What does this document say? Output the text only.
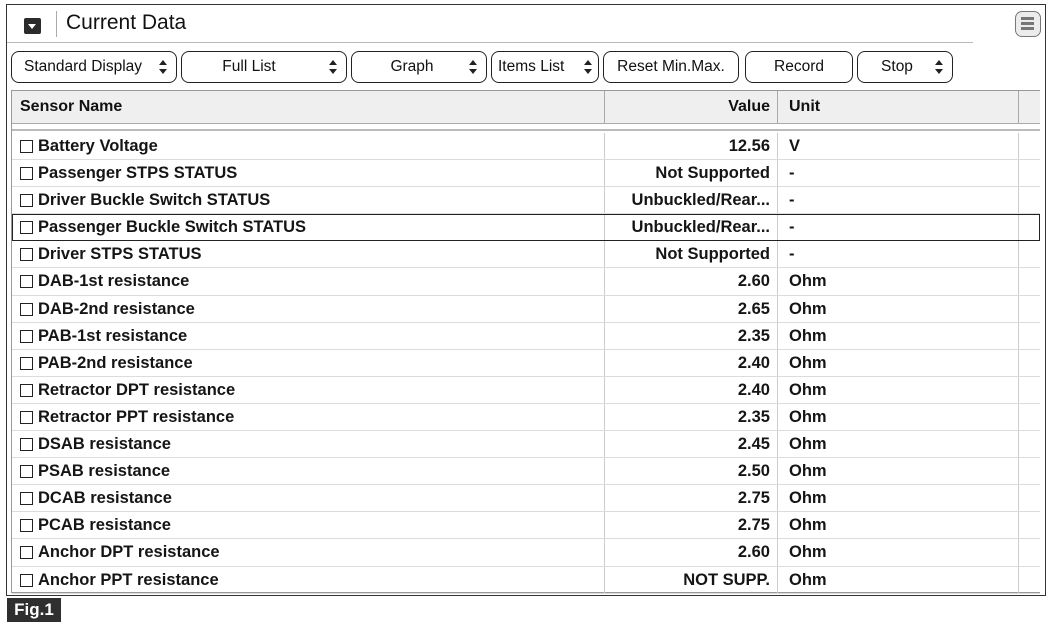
Current Data
Standard Display	Full List	Graph	Items List	Reset Min.Max.	Record	Stop
Sensor Name	Value Unit
Battery Voltage	12.56 V
Passenger STPS STATUS	Not Supported -
Driver Buckle Switch STATUS	Unbuckled/Rear... -
Passenger Buckle Switch STATUS	Unbuckled/Rear... -
Driver STPS STATUS	Not Supported -
DAB-1st resistance	2.60 Ohm
DAB-2nd resistance	2.65 Ohm
PAB-1st resistance	2.35 Ohm
PAB-2nd resistance	2.40 Ohm
Retractor DPT resistance	2.40 Ohm
Retractor PPT resistance	2.35 Ohm
DSAB resistance	2.45 Ohm
PSAB resistance	2.50 Ohm
DCAB resistance	2.75 Ohm
PCAB resistance	2.75 Ohm
Anchor DPT resistance	2.60 Ohm
Anchor PPT resistance	NOT SUPP. Ohm
Fig.1
